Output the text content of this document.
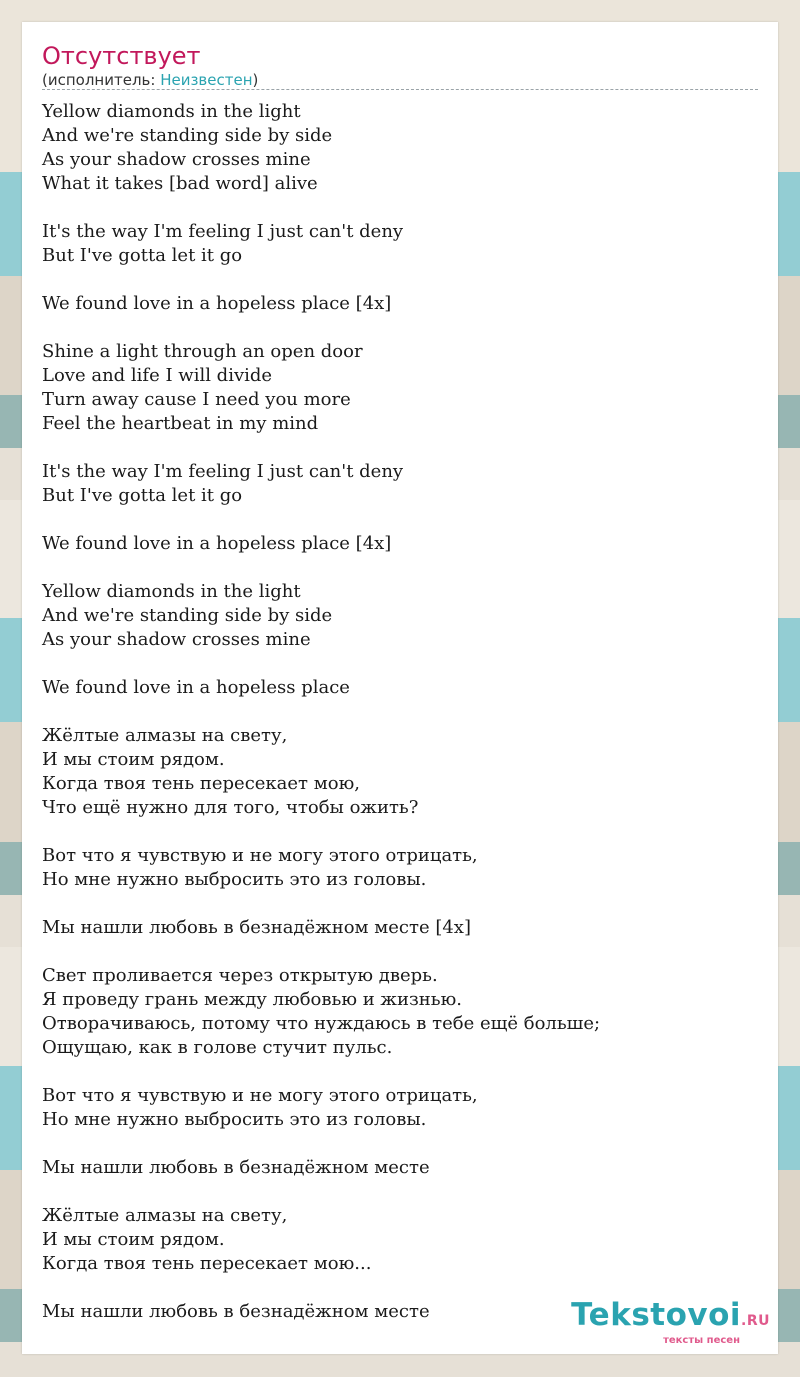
Отсутствует
(исполнитель: Неизвестен)
Yellow diamonds in the light
And we're standing side by side
As your shadow crosses mine
What it takes [bad word] alive
It's the way I'm feeling I just can't deny
But I've gotta let it go
We found love in a hopeless place [4x]
Shine a light through an open door
Love and life I will divide
Turn away cause I need you more
Feel the heartbeat in my mind
It's the way I'm feeling I just can't deny
But I've gotta let it go
We found love in a hopeless place [4x]
Yellow diamonds in the light
And we're standing side by side
As your shadow crosses mine
We found love in a hopeless place
Жёлтые алмазы на свету,
И мы стоим рядом.
Когда твоя тень пересекает мою,
Что ещё нужно для того, чтобы ожить?
Вот что я чувствую и не могу этого отрицать,
Но мне нужно выбросить это из головы.
Мы нашли любовь в безнадёжном месте [4x]
Свет проливается через открытую дверь.
Я проведу грань между любовью и жизнью.
Отворачиваюсь, потому что нуждаюсь в тебе ещё больше;
Ощущаю, как в голове стучит пульс.
Вот что я чувствую и не могу этого отрицать,
Но мне нужно выбросить это из головы.
Мы нашли любовь в безнадёжном месте
Жёлтые алмазы на свету,
И мы стоим рядом.
Когда твоя тень пересекает мою...
Мы нашли любовь в безнадёжном месте	Tekstovoi.RU
тексты песен
